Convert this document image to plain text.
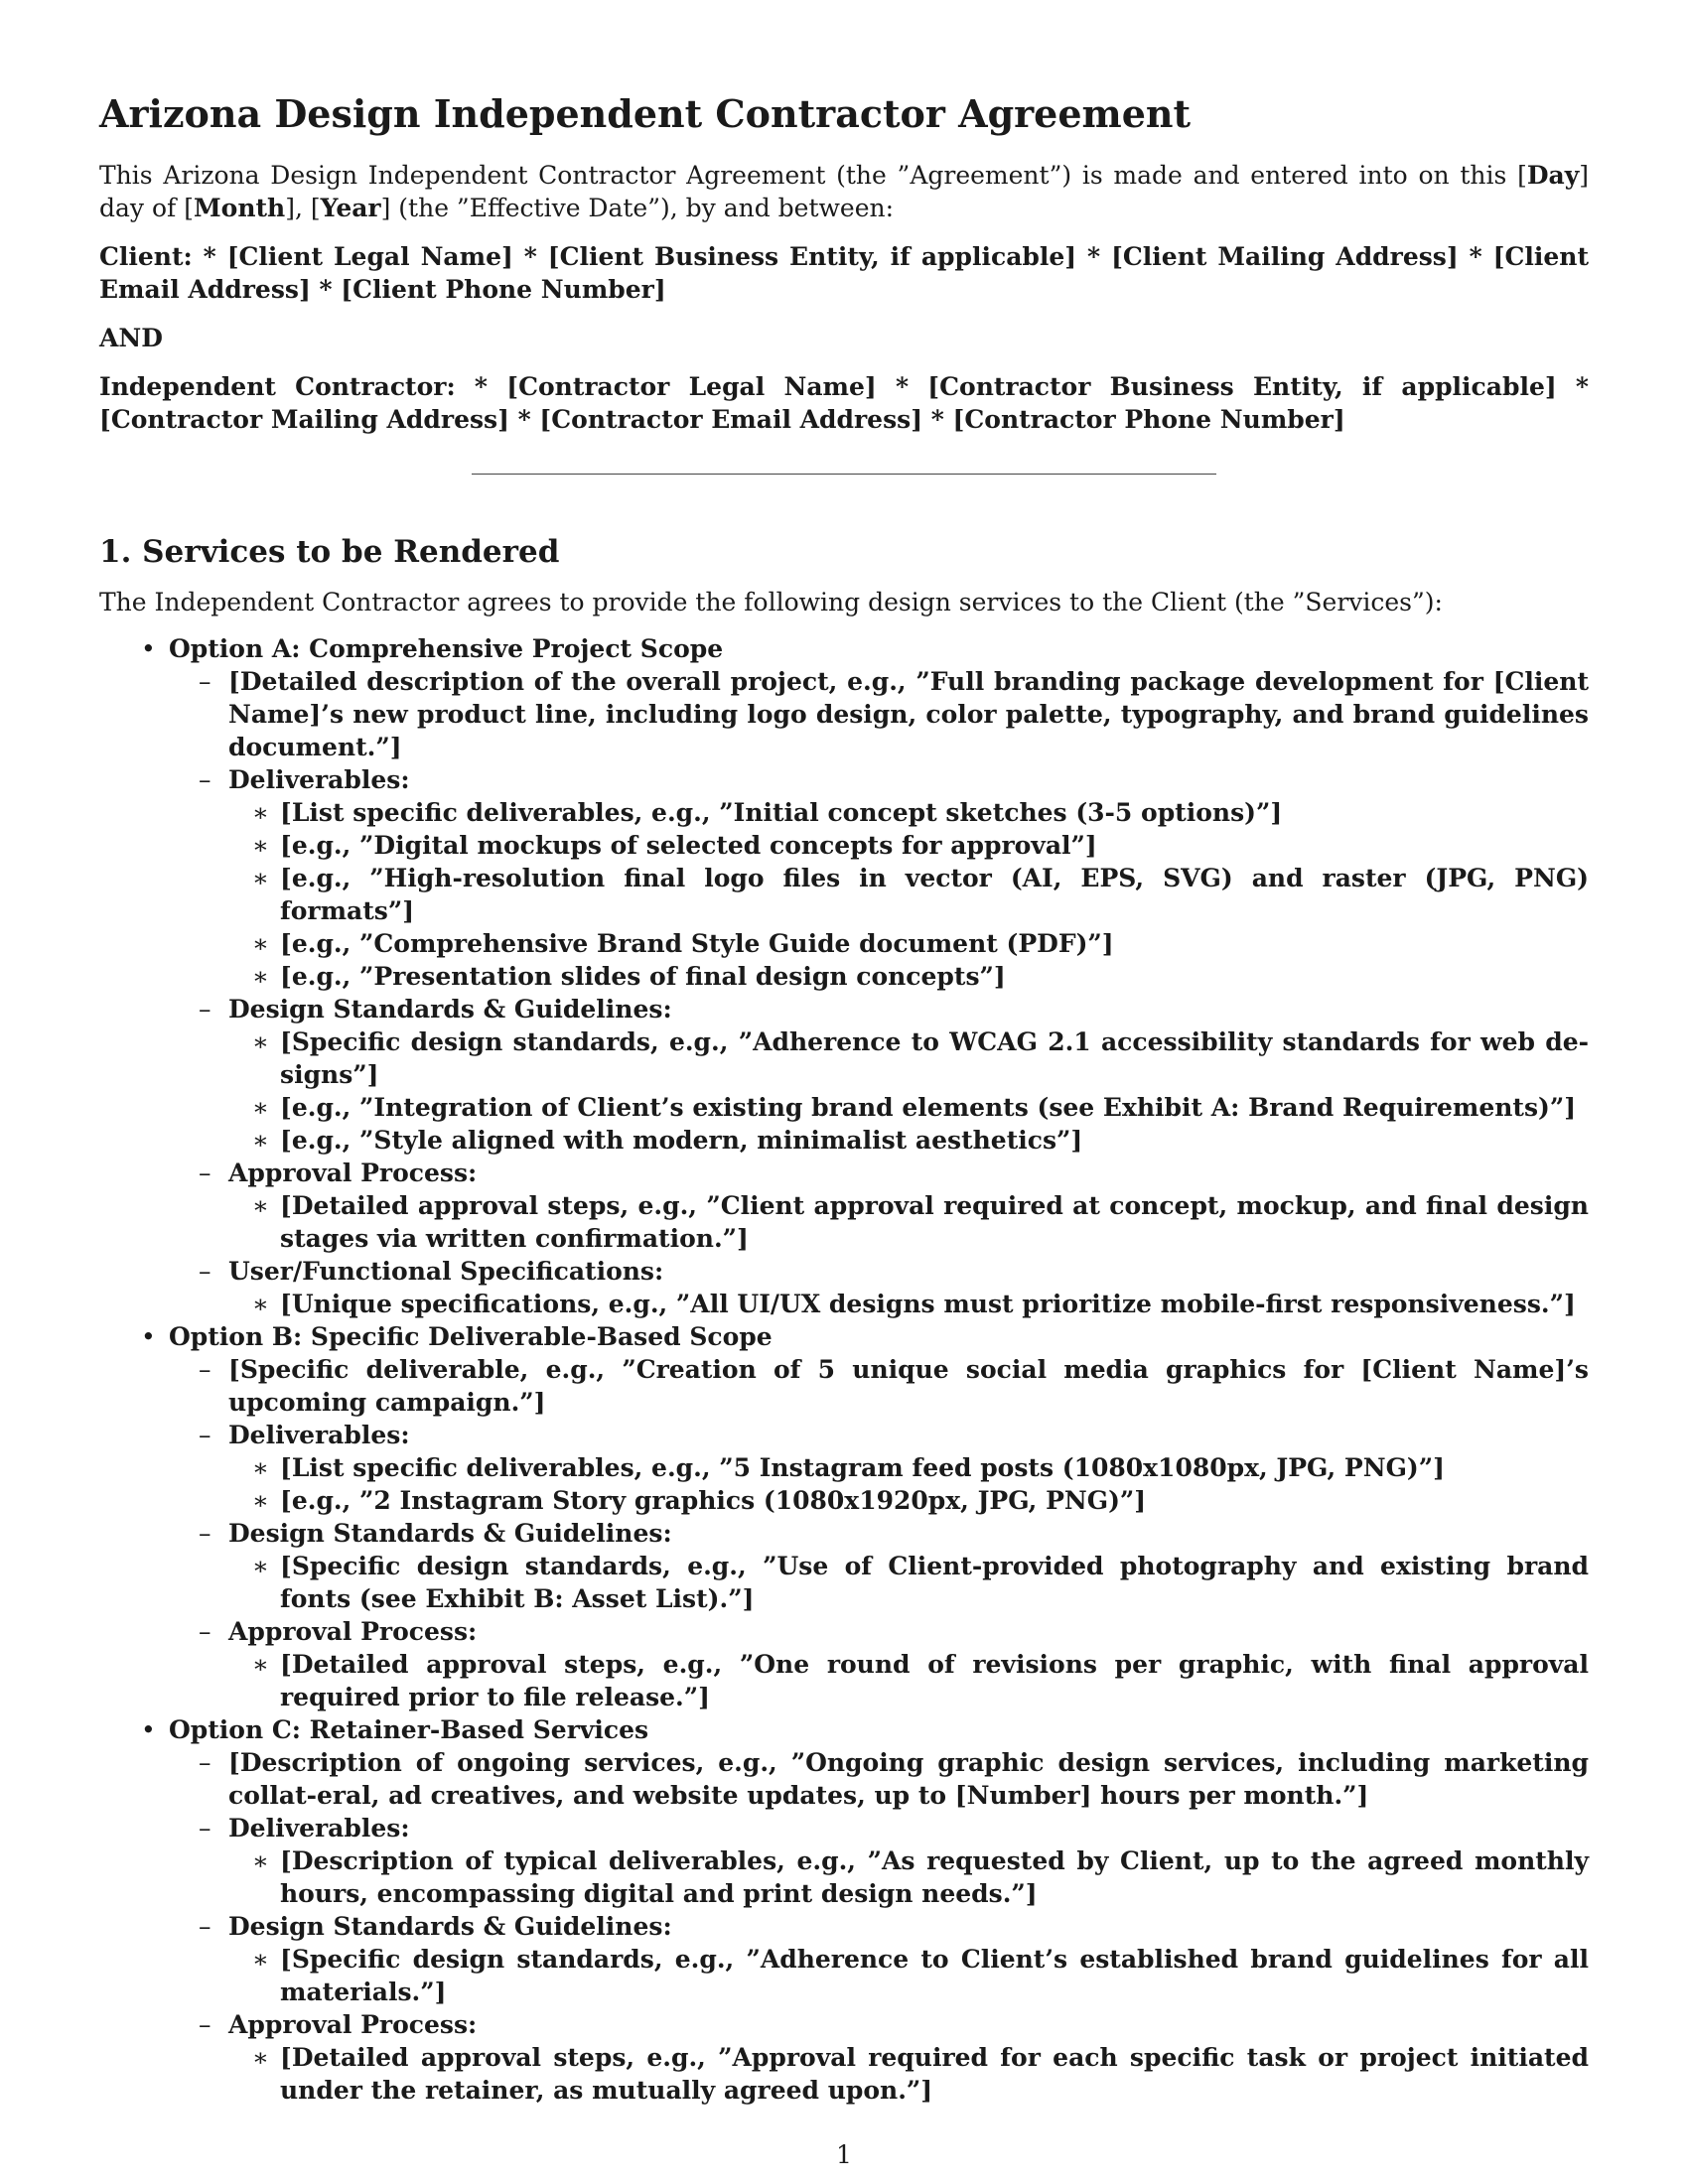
Arizona Design Independent Contractor Agreement

This Arizona Design Independent Contractor Agreement (the ”Agreement”) is made and entered into on this [Day] day of [Month], [Year] (the ”Effective Date”), by and between:

Client: * [Client Legal Name] * [Client Business Entity, if applicable] * [Client Mailing Address] * [Client Email Address] * [Client Phone Number]

AND

Independent Contractor: * [Contractor Legal Name] * [Contractor Business Entity, if applicable] * [Contractor Mailing Address] * [Contractor Email Address] * [Contractor Phone Number]

1. Services to be Rendered

The Independent Contractor agrees to provide the following design services to the Client (the ”Services”):

• Option A: Comprehensive Project Scope
– [Detailed description of the overall project, e.g., ”Full branding package development for [Client Name]’s new product line, including logo design, color palette, typography, and brand guidelines document.”]
– Deliverables:
∗ [List specific deliverables, e.g., ”Initial concept sketches (3-5 options)”]
∗ [e.g., ”Digital mockups of selected concepts for approval”]
∗ [e.g., ”High-resolution final logo files in vector (AI, EPS, SVG) and raster (JPG, PNG) formats”]
∗ [e.g., ”Comprehensive Brand Style Guide document (PDF)”]
∗ [e.g., ”Presentation slides of final design concepts”]
– Design Standards & Guidelines:
∗ [Specific design standards, e.g., ”Adherence to WCAG 2.1 accessibility standards for web de-signs”]
∗ [e.g., ”Integration of Client’s existing brand elements (see Exhibit A: Brand Requirements)”]
∗ [e.g., ”Style aligned with modern, minimalist aesthetics”]
– Approval Process:
∗ [Detailed approval steps, e.g., ”Client approval required at concept, mockup, and final design stages via written confirmation.”]
– User/Functional Specifications:
∗ [Unique specifications, e.g., ”All UI/UX designs must prioritize mobile-first responsiveness.”]
• Option B: Specific Deliverable-Based Scope
– [Specific deliverable, e.g., ”Creation of 5 unique social media graphics for [Client Name]’s upcoming campaign.”]
– Deliverables:
∗ [List specific deliverables, e.g., ”5 Instagram feed posts (1080x1080px, JPG, PNG)”]
∗ [e.g., ”2 Instagram Story graphics (1080x1920px, JPG, PNG)”]
– Design Standards & Guidelines:
∗ [Specific design standards, e.g., ”Use of Client-provided photography and existing brand fonts (see Exhibit B: Asset List).”]
– Approval Process:
∗ [Detailed approval steps, e.g., ”One round of revisions per graphic, with final approval required prior to file release.”]
• Option C: Retainer-Based Services
– [Description of ongoing services, e.g., ”Ongoing graphic design services, including marketing collat-eral, ad creatives, and website updates, up to [Number] hours per month.”]
– Deliverables:
∗ [Description of typical deliverables, e.g., ”As requested by Client, up to the agreed monthly hours, encompassing digital and print design needs.”]
– Design Standards & Guidelines:
∗ [Specific design standards, e.g., ”Adherence to Client’s established brand guidelines for all materials.”]
– Approval Process:
∗ [Detailed approval steps, e.g., ”Approval required for each specific task or project initiated under the retainer, as mutually agreed upon.”]
1
